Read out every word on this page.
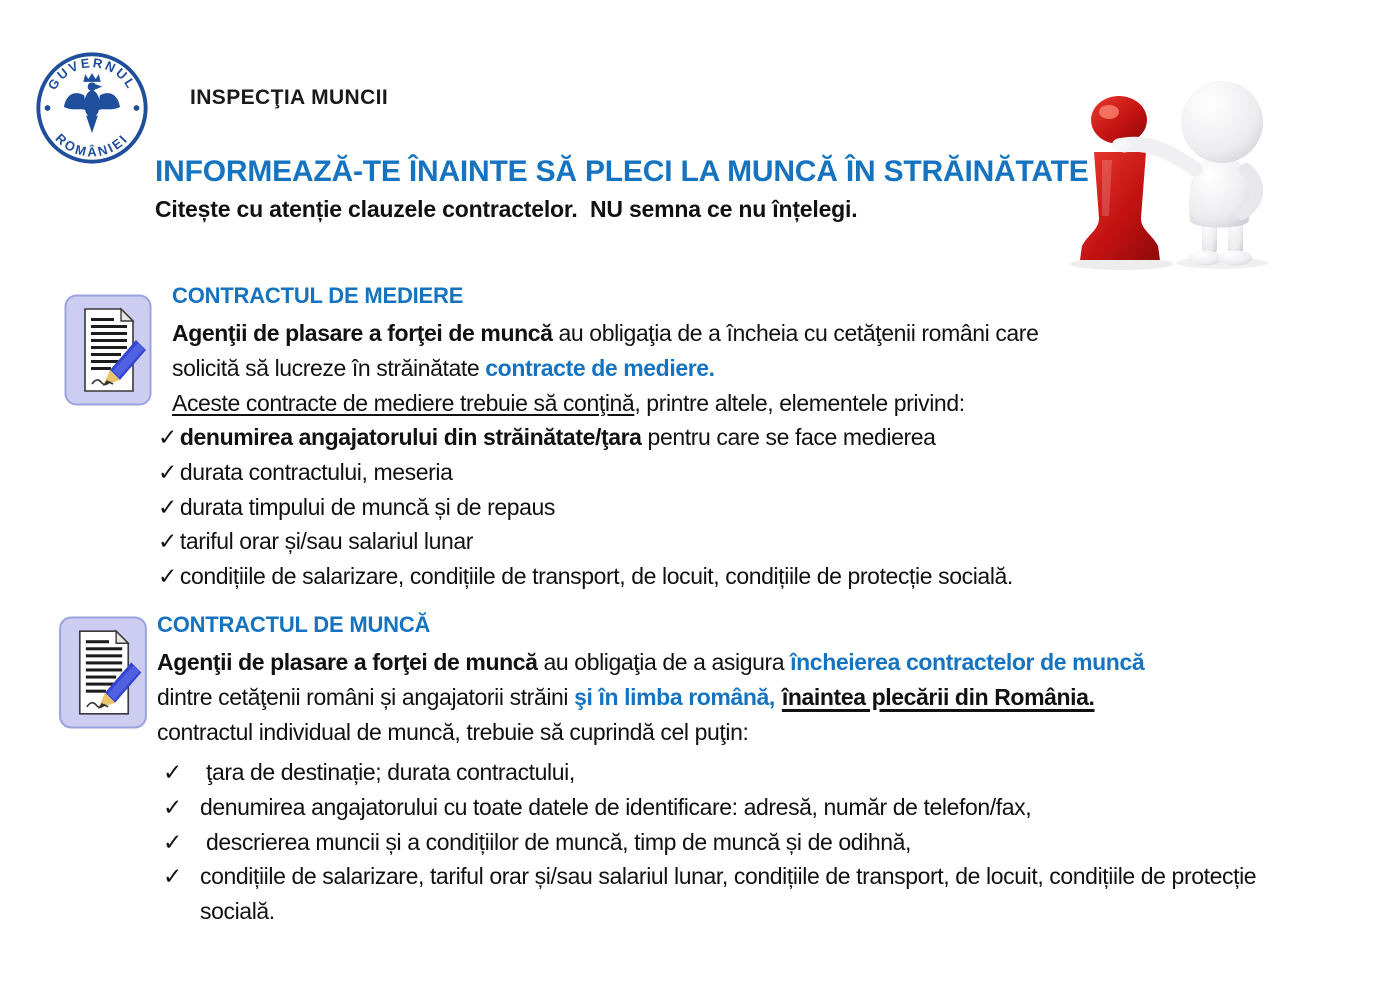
GUVERNUL
ROMÂNIEI
INSPECŢIA MUNCII
INFORMEAZĂ-TE ÎNAINTE SĂ PLECI LA MUNCĂ ÎN STRĂINĂTATE
Citește cu atenție clauzele contractelor.  NU semna ce nu înțelegi.
CONTRACTUL DE MEDIERE

Agenţii de plasare a forţei de muncă au obligaţia de a încheia cu cetăţenii români care
solicită să lucreze în străinătate contracte de mediere.

Aceste contracte de mediere trebuie să conţină, printre altele, elementele privind:

✓ denumirea angajatorului din străinătate/ţara pentru care se face medierea
✓ durata contractului, meseria
✓ durata timpului de muncă și de repaus
✓ tariful orar și/sau salariul lunar
✓ condițiile de salarizare, condițiile de transport, de locuit, condițiile de protecție socială.
CONTRACTUL DE MUNCĂ

Agenţii de plasare a forţei de muncă au obligaţia de a asigura încheierea contractelor de muncă
dintre cetăţenii români și angajatorii străini şi în limba română, înaintea plecării din România.
contractul individual de muncă, trebuie să cuprindă cel puţin:

✓ ţara de destinație; durata contractului,
✓ denumirea angajatorului cu toate datele de identificare: adresă, număr de telefon/fax,
✓ descrierea muncii și a condițiilor de muncă, timp de muncă și de odihnă,
✓ condițiile de salarizare, tariful orar și/sau salariul lunar, condițiile de transport, de locuit, condițiile de protecție socială.
